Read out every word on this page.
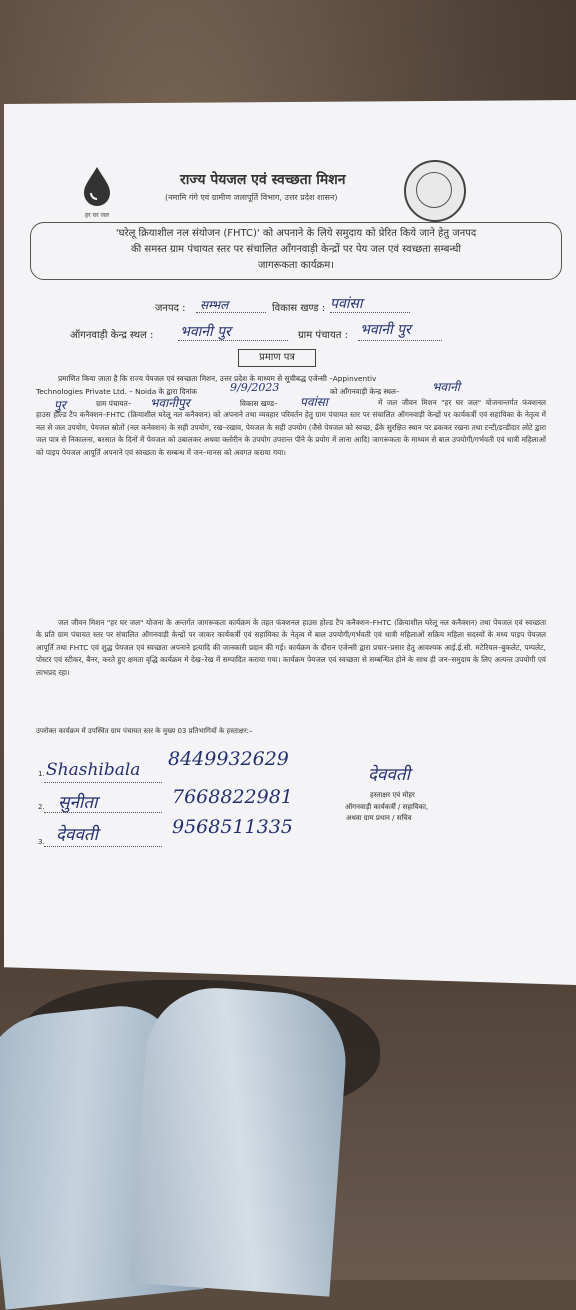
हर घर जल
राज्य पेयजल एवं स्वच्छता मिशन
(नमामि गंगे एवं ग्रामीण जलापूर्ति विभाग, उत्तर प्रदेश शासन)
'घरेलू क्रियाशील नल संयोजन (FHTC)' को अपनाने के लिये समुदाय को प्रेरित किये जाने हेतु जनपद
की समस्त ग्राम पंचायत स्तर पर संचालित आँगनवाड़ी केन्द्रों पर पेय जल एवं स्वच्छता सम्बन्धी
जागरूकता कार्यक्रम।
जनपद : सम्भल	विकास खण्ड : पवांसा
ऑगनवाड़ी केन्द्र स्थल : भवानी पुर	ग्राम पंचायत : भवानी पुर
प्रमाण पत्र
प्रमाणित किया जाता है कि राज्य पेयजल एवं स्वच्छता मिशन, उत्तर प्रदेश के माध्यम से सूचीबद्ध एजेन्सी –Appinventiv
Technologies Private Ltd. – Noida के द्वारा दिनांक	9/9/2023	को आँगनवाड़ी केन्द्र स्थल–	भवानी
पुर	ग्राम पंचायत– भवानीपुर	विकास खण्ड– पवांसा	में जल जीवन मिशन "हर घर जल" योजनान्तर्गत फंक्शनल हाउस होल्ड टैप कनैक्शन–FHTC (क्रियाशील घरेलू नल कनैक्शन) को अपनाने तथा व्यवहार परिवर्तन हेतु ग्राम पंचायत स्तर पर संचालित ऑगनवाड़ी केन्द्रों पर कार्यकर्त्री एवं सहायिका के नेतृत्व में नल से जल उपयोग, पेयजल स्रोतों (नल कनेक्शन) के सही उपयोग, रख–रखाव, पेयजल के सही उपयोग (जैसे पेयजल को स्वच्छ, ढँके सुरक्षित स्थान पर ढककर रखना तथा टन्टी/डन्डीदार लोटे द्वारा जल पात्र से निकालना, बरसात के दिनों में पेयजल को उबालकर अथवा क्लोरीन के उपयोग उपरान्त पीने के प्रयोग में लाना आदि) जागरूकता के माध्यम से बाल उपयोगी/गर्भवती एवं धात्री महिलाओं को पाइप पेयजल आपूर्ति अपनाने एवं स्वच्छता के सम्बन्ध में जन–मानस को अवगत कराया गया।
जल जीवन मिशन "हर घर जल" योजना के अन्तर्गत जागरूकता कार्यक्रम के तहत फंक्शनल हाउस होल्ड टैप कनैक्शन–FHTC (क्रियाशील घरेलू नल कनैक्शन) तथा पेयजल एवं स्वच्छता के प्रति ग्राम पंचायत स्तर पर संचालित ऑगनवाड़ी केन्द्रों पर जाकर कार्यकर्त्री एवं सहायिका के नेतृत्व में बाल उपयोगी/गर्भवती एवं धात्री महिलाओं सक्रिय महिला सदस्यों के मध्य पाइप पेयजल आपूर्ति तथा FHTC एवं शुद्ध पेयजल एवं स्वच्छता अपनाने इत्यादि की जानकारी प्रदान की गई। कार्यक्रम के दौरान एजेन्सी द्वारा प्रचार–प्रसार हेतु आवश्यक आई.ई.सी. मटेरियल–बुकलेट, पम्पलेट, पोस्टर एवं स्टीकर, बैनर, करते हुए क्षमता वृद्धि कार्यक्रम मे देख–रेख में सम्पादित कराया गया। कार्यक्रम पेयजल एवं स्वच्छता से सम्बन्धित होने के साथ ही जन–समुदाय के लिए अत्यन्त उपयोगी एवं लाभप्रद रहा।
उपरोक्त कार्यक्रम में उपस्थित ग्राम पंचायत स्तर के मुख्य 03 प्रतिभागियों के हस्ताक्षर:–
1. Shashibala 8449932629
2. सुनीता	7668822981
3. देववती	9568511335
देववती
हस्ताक्षर एवं मोहर
ऑगनवाड़ी कार्यकर्त्री / सहायिका,
अथवा ग्राम प्रधान / सचिव
